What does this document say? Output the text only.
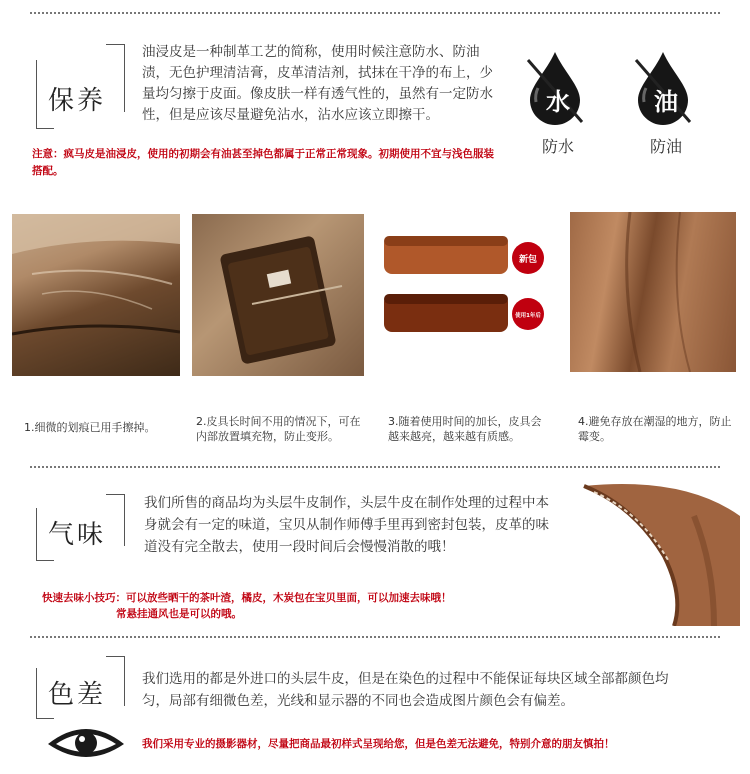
保养
油浸皮是一种制革工艺的简称，使用时候注意防水、防油渍，无色护理清洁膏，皮革清洁剂，拭抹在干净的布上，少量均匀擦于皮面。像皮肤一样有透气性的，虽然有一定防水性，但是应该尽量避免沾水，沾水应该立即擦干。
注意：疯马皮是油浸皮，使用的初期会有油甚至掉色都属于正常正常现象。初期使用不宜与浅色服装搭配。
水
防水
油
防油
新包
使用1年后
1.细微的划痕已用手擦掉。	2.皮具长时间不用的情况下，可在内部放置填充物，防止变形。
3.随着使用时间的加长，皮具会越来越亮，越来越有质感。
4.避免存放在潮湿的地方，防止霉变。
气味
我们所售的商品均为头层牛皮制作，头层牛皮在制作处理的过程中本身就会有一定的味道，宝贝从制作师傅手里再到密封包装，皮革的味道没有完全散去，使用一段时间后会慢慢消散的哦！
快速去味小技巧：可以放些晒干的茶叶渣，橘皮，木炭包在宝贝里面，可以加速去味哦！
常悬挂通风也是可以的哦。
色差
我们选用的都是外进口的头层牛皮，但是在染色的过程中不能保证每块区域全部都颜色均匀，局部有细微色差，光线和显示器的不同也会造成图片颜色会有偏差。
我们采用专业的摄影器材，尽量把商品最初样式呈现给您，但是色差无法避免，特别介意的朋友慎拍！
